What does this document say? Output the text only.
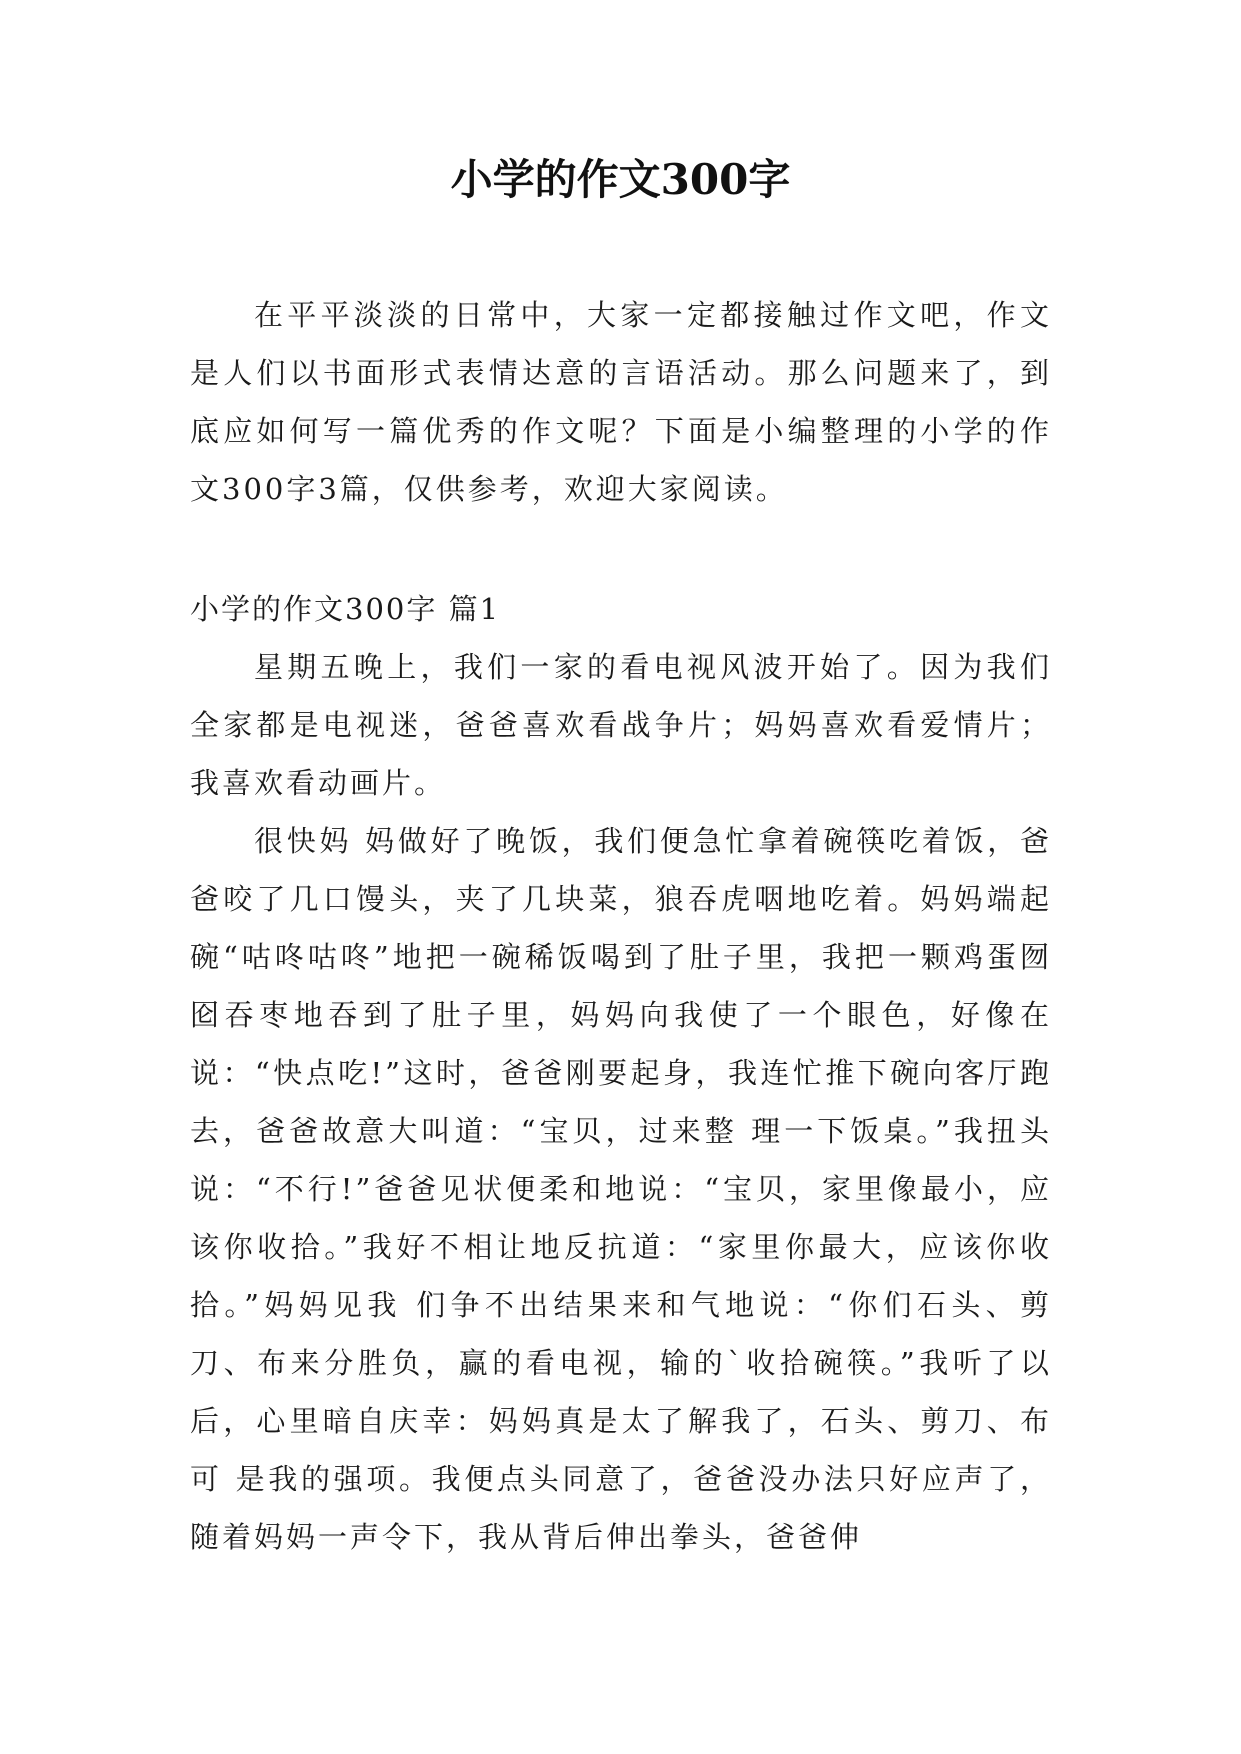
小学的作文300字

在平平淡淡的日常中，大家一定都接触过作文吧，作文是人们以书面形式表情达意的言语活动。那么问题来了，到底应如何写一篇优秀的作文呢？下面是小编整理的小学的作文300字3篇，仅供参考，欢迎大家阅读。

小学的作文300字 篇1

星期五晚上，我们一家的看电视风波开始了。因为我们全家都是电视迷，爸爸喜欢看战争片；妈妈喜欢看爱情片；我喜欢看动画片。

很快妈 妈做好了晚饭，我们便急忙拿着碗筷吃着饭，爸爸咬了几口馒头，夹了几块菜，狼吞虎咽地吃着。妈妈端起碗“咕咚咕咚”地把一碗稀饭喝到了肚子里，我把一颗鸡蛋囫囵吞枣地吞到了肚子里，妈妈向我使了一个眼色，好像在说：“快点吃!”这时，爸爸刚要起身，我连忙推下碗向客厅跑去，爸爸故意大叫道：“宝贝，过来整 理一下饭桌。”我扭头说：“不行!”爸爸见状便柔和地说：“宝贝，家里像最小，应该你收拾。”我好不相让地反抗道：“家里你最大，应该你收拾。”妈妈见我 们争不出结果来和气地说：“你们石头、剪刀、布来分胜负，赢的看电视，输的`收拾碗筷。”我听了以后，心里暗自庆幸：妈妈真是太了解我了，石头、剪刀、布可 是我的强项。我便点头同意了，爸爸没办法只好应声了，随着妈妈一声令下，我从背后伸出拳头，爸爸伸
